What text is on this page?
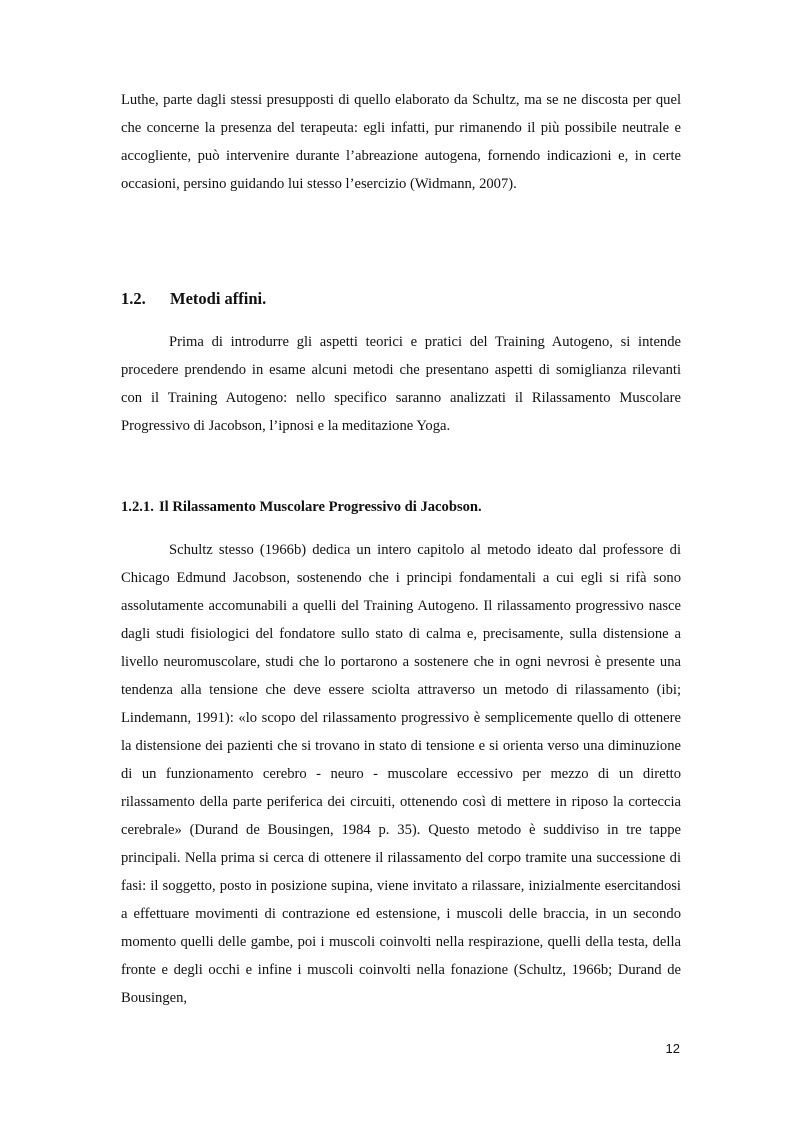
Luthe, parte dagli stessi presupposti di quello elaborato da Schultz, ma se ne discosta per quel che concerne la presenza del terapeuta: egli infatti, pur rimanendo il più possibile neutrale e accogliente, può intervenire durante l’abreazione autogena, fornendo indicazioni e, in certe occasioni, persino guidando lui stesso l’esercizio (Widmann, 2007).

1.2. Metodi affini.

Prima di introdurre gli aspetti teorici e pratici del Training Autogeno, si intende procedere prendendo in esame alcuni metodi che presentano aspetti di somiglianza rilevanti con il Training Autogeno: nello specifico saranno analizzati il Rilassamento Muscolare Progressivo di Jacobson, l’ipnosi e la meditazione Yoga.

1.2.1. Il Rilassamento Muscolare Progressivo di Jacobson.

Schultz stesso (1966b) dedica un intero capitolo al metodo ideato dal professore di Chicago Edmund Jacobson, sostenendo che i principi fondamentali a cui egli si rifà sono assolutamente accomunabili a quelli del Training Autogeno. Il rilassamento progressivo nasce dagli studi fisiologici del fondatore sullo stato di calma e, precisamente, sulla distensione a livello neuromuscolare, studi che lo portarono a sostenere che in ogni nevrosi è presente una tendenza alla tensione che deve essere sciolta attraverso un metodo di rilassamento (ibi; Lindemann, 1991): «lo scopo del rilassamento progressivo è semplicemente quello di ottenere la distensione dei pazienti che si trovano in stato di tensione e si orienta verso una diminuzione di un funzionamento cerebro - neuro - muscolare eccessivo per mezzo di un diretto rilassamento della parte periferica dei circuiti, ottenendo così di mettere in riposo la corteccia cerebrale» (Durand de Bousingen, 1984 p. 35). Questo metodo è suddiviso in tre tappe principali. Nella prima si cerca di ottenere il rilassamento del corpo tramite una successione di fasi: il soggetto, posto in posizione supina, viene invitato a rilassare, inizialmente esercitandosi a effettuare movimenti di contrazione ed estensione, i muscoli delle braccia, in un secondo momento quelli delle gambe, poi i muscoli coinvolti nella respirazione, quelli della testa, della fronte e degli occhi e infine i muscoli coinvolti nella fonazione (Schultz, 1966b; Durand de Bousingen,

12
